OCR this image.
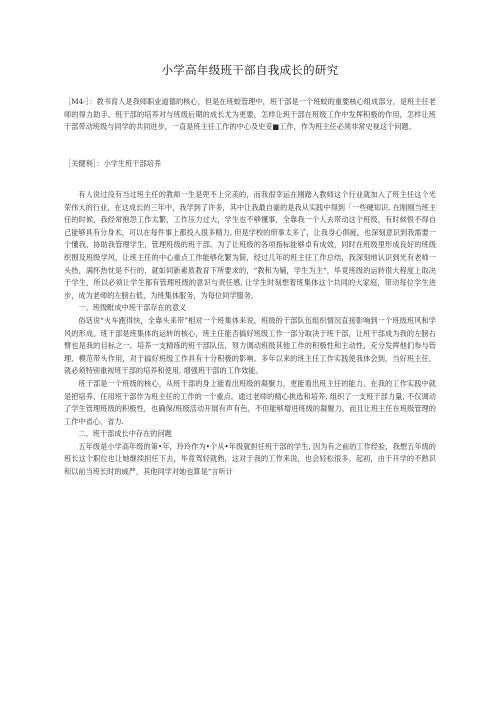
小学高年级班干部自我成长的研究
［M4-］：教书育人是我师职业道德的核心，但是在班蛟管理中，班干部是一个班蛟的重要核心组成部分，是班主任老师的得力助手。班干部的培养对与班级后期的成长尤为更要，怎样让班干部在班级工作中发挥积极的作用，怎样让班干部带动班级与同学的共同进步，一直是班主任工作的中心及史妥■工作，作为班主任必须非常史视这个问题。
［关健利］：小学生班干部培养

有人说过没有当过班主任的教师一生是兜不上完美的，而我很幸运在刚踏入教师这个行业就加入了班主任这个光荣伟大的行业，在这成长的三年中，我学到了许多，其中让我最自豪的是我从实践中得到「一些硬知识. 在刚刚当班主任的时候，我经常抱怨工作太繁，工作压力过大，学生也不够懂事，全靠我一个人去带动这个班级，有时候恨不得自己能够具有分身术，可以在每件事上都投入很多精力, 但是学校的琐事太多了，让我身心俱疲，也深刻意识到我需要一个懂我，协助我管理学生，管理班级的班干部。为了让班级的各项指标能够卓有成效，同时在班级里形成良好的班级织围及班级学风，让班主任的中心重点工作能够化繁为简，经过几年的班主任工作总结，我深刻地认识到光有老师一头热，满怀热忱是不行的，就如同新素质教育下所要求的，“教和为辅，学生为主“，毕竟班级的运转很大程度上取决于学生，所以必须让学生都有管理班级的意识与责任感, 让学生时刻想着班集体这个共同的大家庭，带动每位学生进步，成为老师的左膀右低，为班集体服务，为每位同学服务。

一、班级毗成中班干部存在的意义

俗话说“火车跑得快，全靠头来带”相对一个班集体来说，班级的干部队伍组织情况直接影响到一个班级班风和学风的形成。班干部是班集体的运转的核心，班主任能否搞好班级工作一部分取决于班干部，让班干部成为我的左膀右臂也是我的目标之一。培养一支精练的班干部队伍，努力调动班级其他工作的积极性和主动性，充分发挥他们参与管理、模范带头作用，对于搞好班级工作具有十分积极的影响。多年以来的班主任工作实践使我体会到，当好班主任，就必须特别重视班干部的培养和使用, 增强班干部的工作效能。

班干部是一个班级的核心，从班干部的身上能看出班级的凝聚力，更能看出班主任的能力。在我的工作实践中就是把培养、任用班干部作为班主任的工作的一个重点。通过老师的精心挑选和培养, 组织了一支班干部力量, 不仅调动了学生管理班级的积极性，也确保/班级活动开展有声有色，不但能够增进班级的凝聚力，而且让班主任在班级管理的工作中省心、省力.

二、班干部成长中存在的问题

五年级是小学高年级的第•年，玲玲作为•个从•年级就担任班干部的学生, 因为有之前的工作经验，我想五年级的班长这个职位也让她继续担任下去，毕竟驾轻就熟，这对于我的工作来说，也会轻松很多。起初，由于开学的不熟识和以前当班长时的威严，其他同学对她也算是“言听计
